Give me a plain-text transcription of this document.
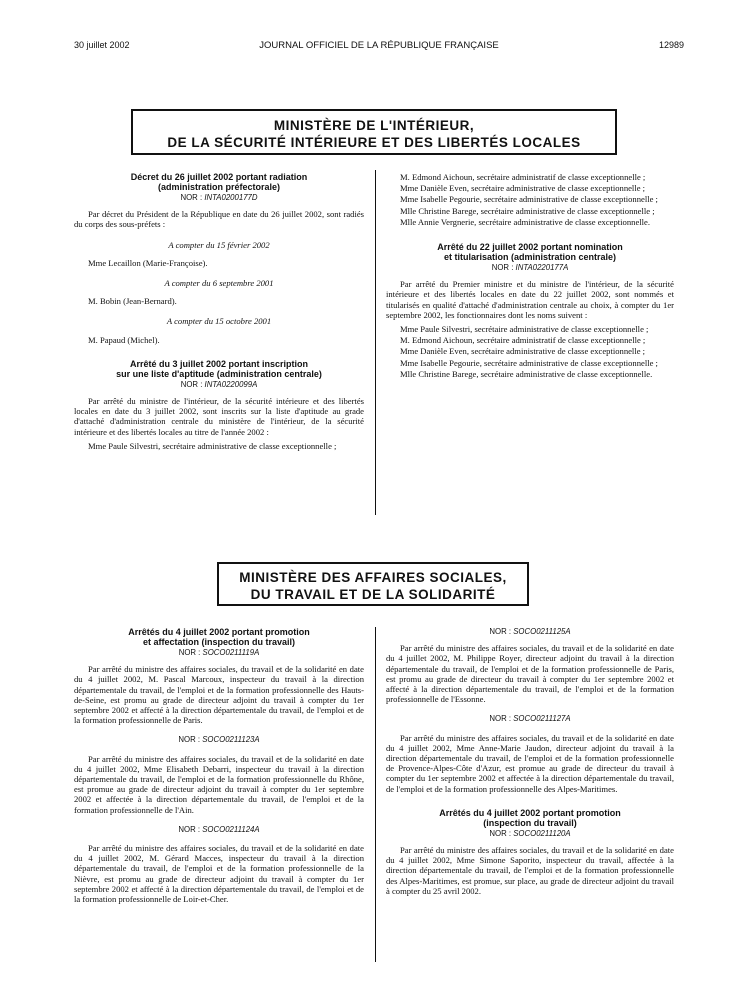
30 juillet 2002	JOURNAL OFFICIEL DE LA RÉPUBLIQUE FRANÇAISE	12989
MINISTÈRE DE L'INTÉRIEUR,
DE LA SÉCURITÉ INTÉRIEURE ET DES LIBERTÉS LOCALES
Décret du 26 juillet 2002 portant radiation
(administration préfectorale)
NOR : INTA0200177D

Par décret du Président de la République en date du 26 juillet 2002, sont radiés du corps des sous-préfets :

A compter du 15 février 2002

Mme Lecaillon (Marie-Françoise).

A compter du 6 septembre 2001

M. Bobin (Jean-Bernard).

A compter du 15 octobre 2001

M. Papaud (Michel).

Arrêté du 3 juillet 2002 portant inscription
sur une liste d'aptitude (administration centrale)
NOR : INTA0220099A

Par arrêté du ministre de l'intérieur, de la sécurité intérieure et des libertés locales en date du 3 juillet 2002, sont inscrits sur la liste d'aptitude au grade d'attaché d'administration centrale du ministère de l'intérieur, de la sécurité intérieure et des libertés locales au titre de l'année 2002 :

Mme Paule Silvestri, secrétaire administrative de classe exceptionnelle ;

M. Edmond Aichoun, secrétaire administratif de classe exceptionnelle ;

Mme Danièle Even, secrétaire administrative de classe exceptionnelle ;

Mme Isabelle Pegourie, secrétaire administrative de classe exceptionnelle ;

Mlle Christine Barege, secrétaire administrative de classe exceptionnelle ;

Mlle Annie Vergnerie, secrétaire administrative de classe exceptionnelle.

Arrêté du 22 juillet 2002 portant nomination
et titularisation (administration centrale)
NOR : INTA0220177A

Par arrêté du Premier ministre et du ministre de l'intérieur, de la sécurité intérieure et des libertés locales en date du 22 juillet 2002, sont nommés et titularisés en qualité d'attaché d'administration centrale au choix, à compter du 1er septembre 2002, les fonctionnaires dont les noms suivent :

Mme Paule Silvestri, secrétaire administrative de classe exceptionnelle ;

M. Edmond Aichoun, secrétaire administratif de classe exceptionnelle ;

Mme Danièle Even, secrétaire administrative de classe exceptionnelle ;

Mme Isabelle Pegourie, secrétaire administrative de classe exceptionnelle ;

Mlle Christine Barege, secrétaire administrative de classe exceptionnelle.

MINISTÈRE DES AFFAIRES SOCIALES,
DU TRAVAIL ET DE LA SOLIDARITÉ
Arrêtés du 4 juillet 2002 portant promotion
et affectation (inspection du travail)
NOR : SOCO0211119A

Par arrêté du ministre des affaires sociales, du travail et de la solidarité en date du 4 juillet 2002, M. Pascal Marcoux, inspecteur du travail à la direction départementale du travail, de l'emploi et de la formation professionnelle des Hauts-de-Seine, est promu au grade de directeur adjoint du travail à compter du 1er septembre 2002 et affecté à la direction départementale du travail, de l'emploi et de la formation professionnelle de Paris.

NOR : SOCO0211123A

Par arrêté du ministre des affaires sociales, du travail et de la solidarité en date du 4 juillet 2002, Mme Elisabeth Debarri, inspecteur du travail à la direction départementale du travail, de l'emploi et de la formation professionnelle du Rhône, est promue au grade de directeur adjoint du travail à compter du 1er septembre 2002 et affectée à la direction départementale du travail, de l'emploi et de la formation professionnelle de l'Ain.

NOR : SOCO0211124A

Par arrêté du ministre des affaires sociales, du travail et de la solidarité en date du 4 juillet 2002, M. Gérard Macces, inspecteur du travail à la direction départementale du travail, de l'emploi et de la formation professionnelle de la Nièvre, est promu au grade de directeur adjoint du travail à compter du 1er septembre 2002 et affecté à la direction départementale du travail, de l'emploi et de la formation professionnelle de Loir-et-Cher.

NOR : SOCO0211125A

Par arrêté du ministre des affaires sociales, du travail et de la solidarité en date du 4 juillet 2002, M. Philippe Royer, directeur adjoint du travail à la direction départementale du travail, de l'emploi et de la formation professionnelle de Paris, est promu au grade de directeur du travail à compter du 1er septembre 2002 et affecté à la direction départementale du travail, de l'emploi et de la formation professionnelle de l'Essonne.

NOR : SOCO0211127A

Par arrêté du ministre des affaires sociales, du travail et de la solidarité en date du 4 juillet 2002, Mme Anne-Marie Jaudon, directeur adjoint du travail à la direction départementale du travail, de l'emploi et de la formation professionnelle de Provence-Alpes-Côte d'Azur, est promue au grade de directeur du travail à compter du 1er septembre 2002 et affectée à la direction départementale du travail, de l'emploi et de la formation professionnelle des Alpes-Maritimes.

Arrêtés du 4 juillet 2002 portant promotion
(inspection du travail)
NOR : SOCO0211120A

Par arrêté du ministre des affaires sociales, du travail et de la solidarité en date du 4 juillet 2002, Mme Simone Saporito, inspecteur du travail, affectée à la direction départementale du travail, de l'emploi et de la formation professionnelle des Alpes-Maritimes, est promue, sur place, au grade de directeur adjoint du travail à compter du 25 avril 2002.
